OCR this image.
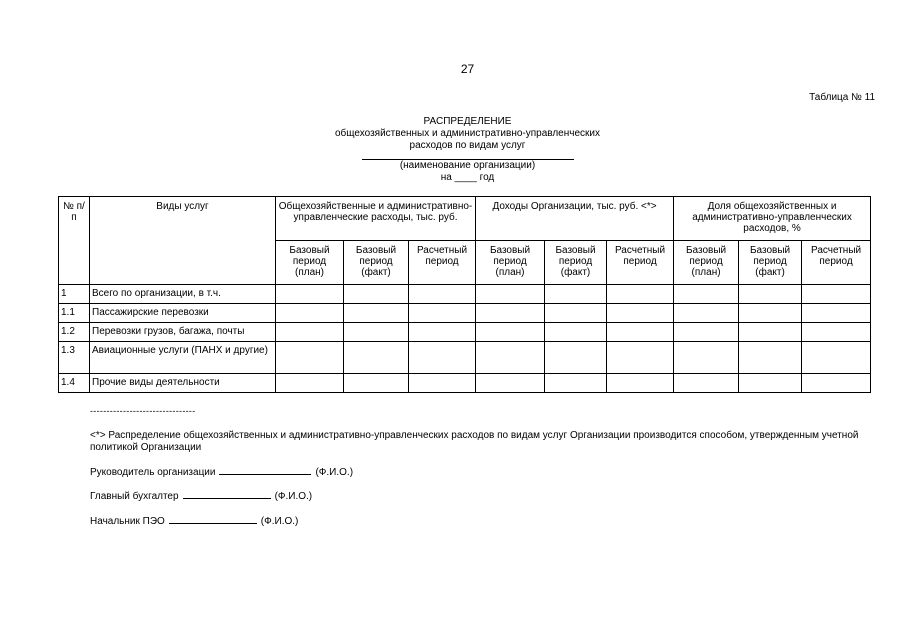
27
Таблица № 11
РАСПРЕДЕЛЕНИЕ
общехозяйственных и административно-управленческих
расходов по видам услуг
(наименование организации)
на ____ год
№ п/п	Виды услуг	Общехозяйственные и административно-управленческие расходы, тыс. руб.			Доходы Организации, тыс. руб. <*>			Доля общехозяйственных и административно-управленческих расходов, %		
		Базовый период (план)	Базовый период (факт)	Расчетный период	Базовый период (план)	Базовый период (факт)	Расчетный период	Базовый период (план)	Базовый период (факт)	Расчетный период
1	Всего по организации, в т.ч.									
1.1	Пассажирские перевозки									
1.2	Перевозки грузов, багажа, почты									
1.3	Авиационные услуги (ПАНХ и другие)									
1.4	Прочие виды деятельности									
--------------------------------
<*> Распределение общехозяйственных и административно-управленческих расходов по видам услуг Организации производится способом, утвержденным учетной политикой Организации
Руководитель организации	(Ф.И.О.)
Главный бухгалтер	(Ф.И.О.)
Начальник ПЭО	(Ф.И.О.)
